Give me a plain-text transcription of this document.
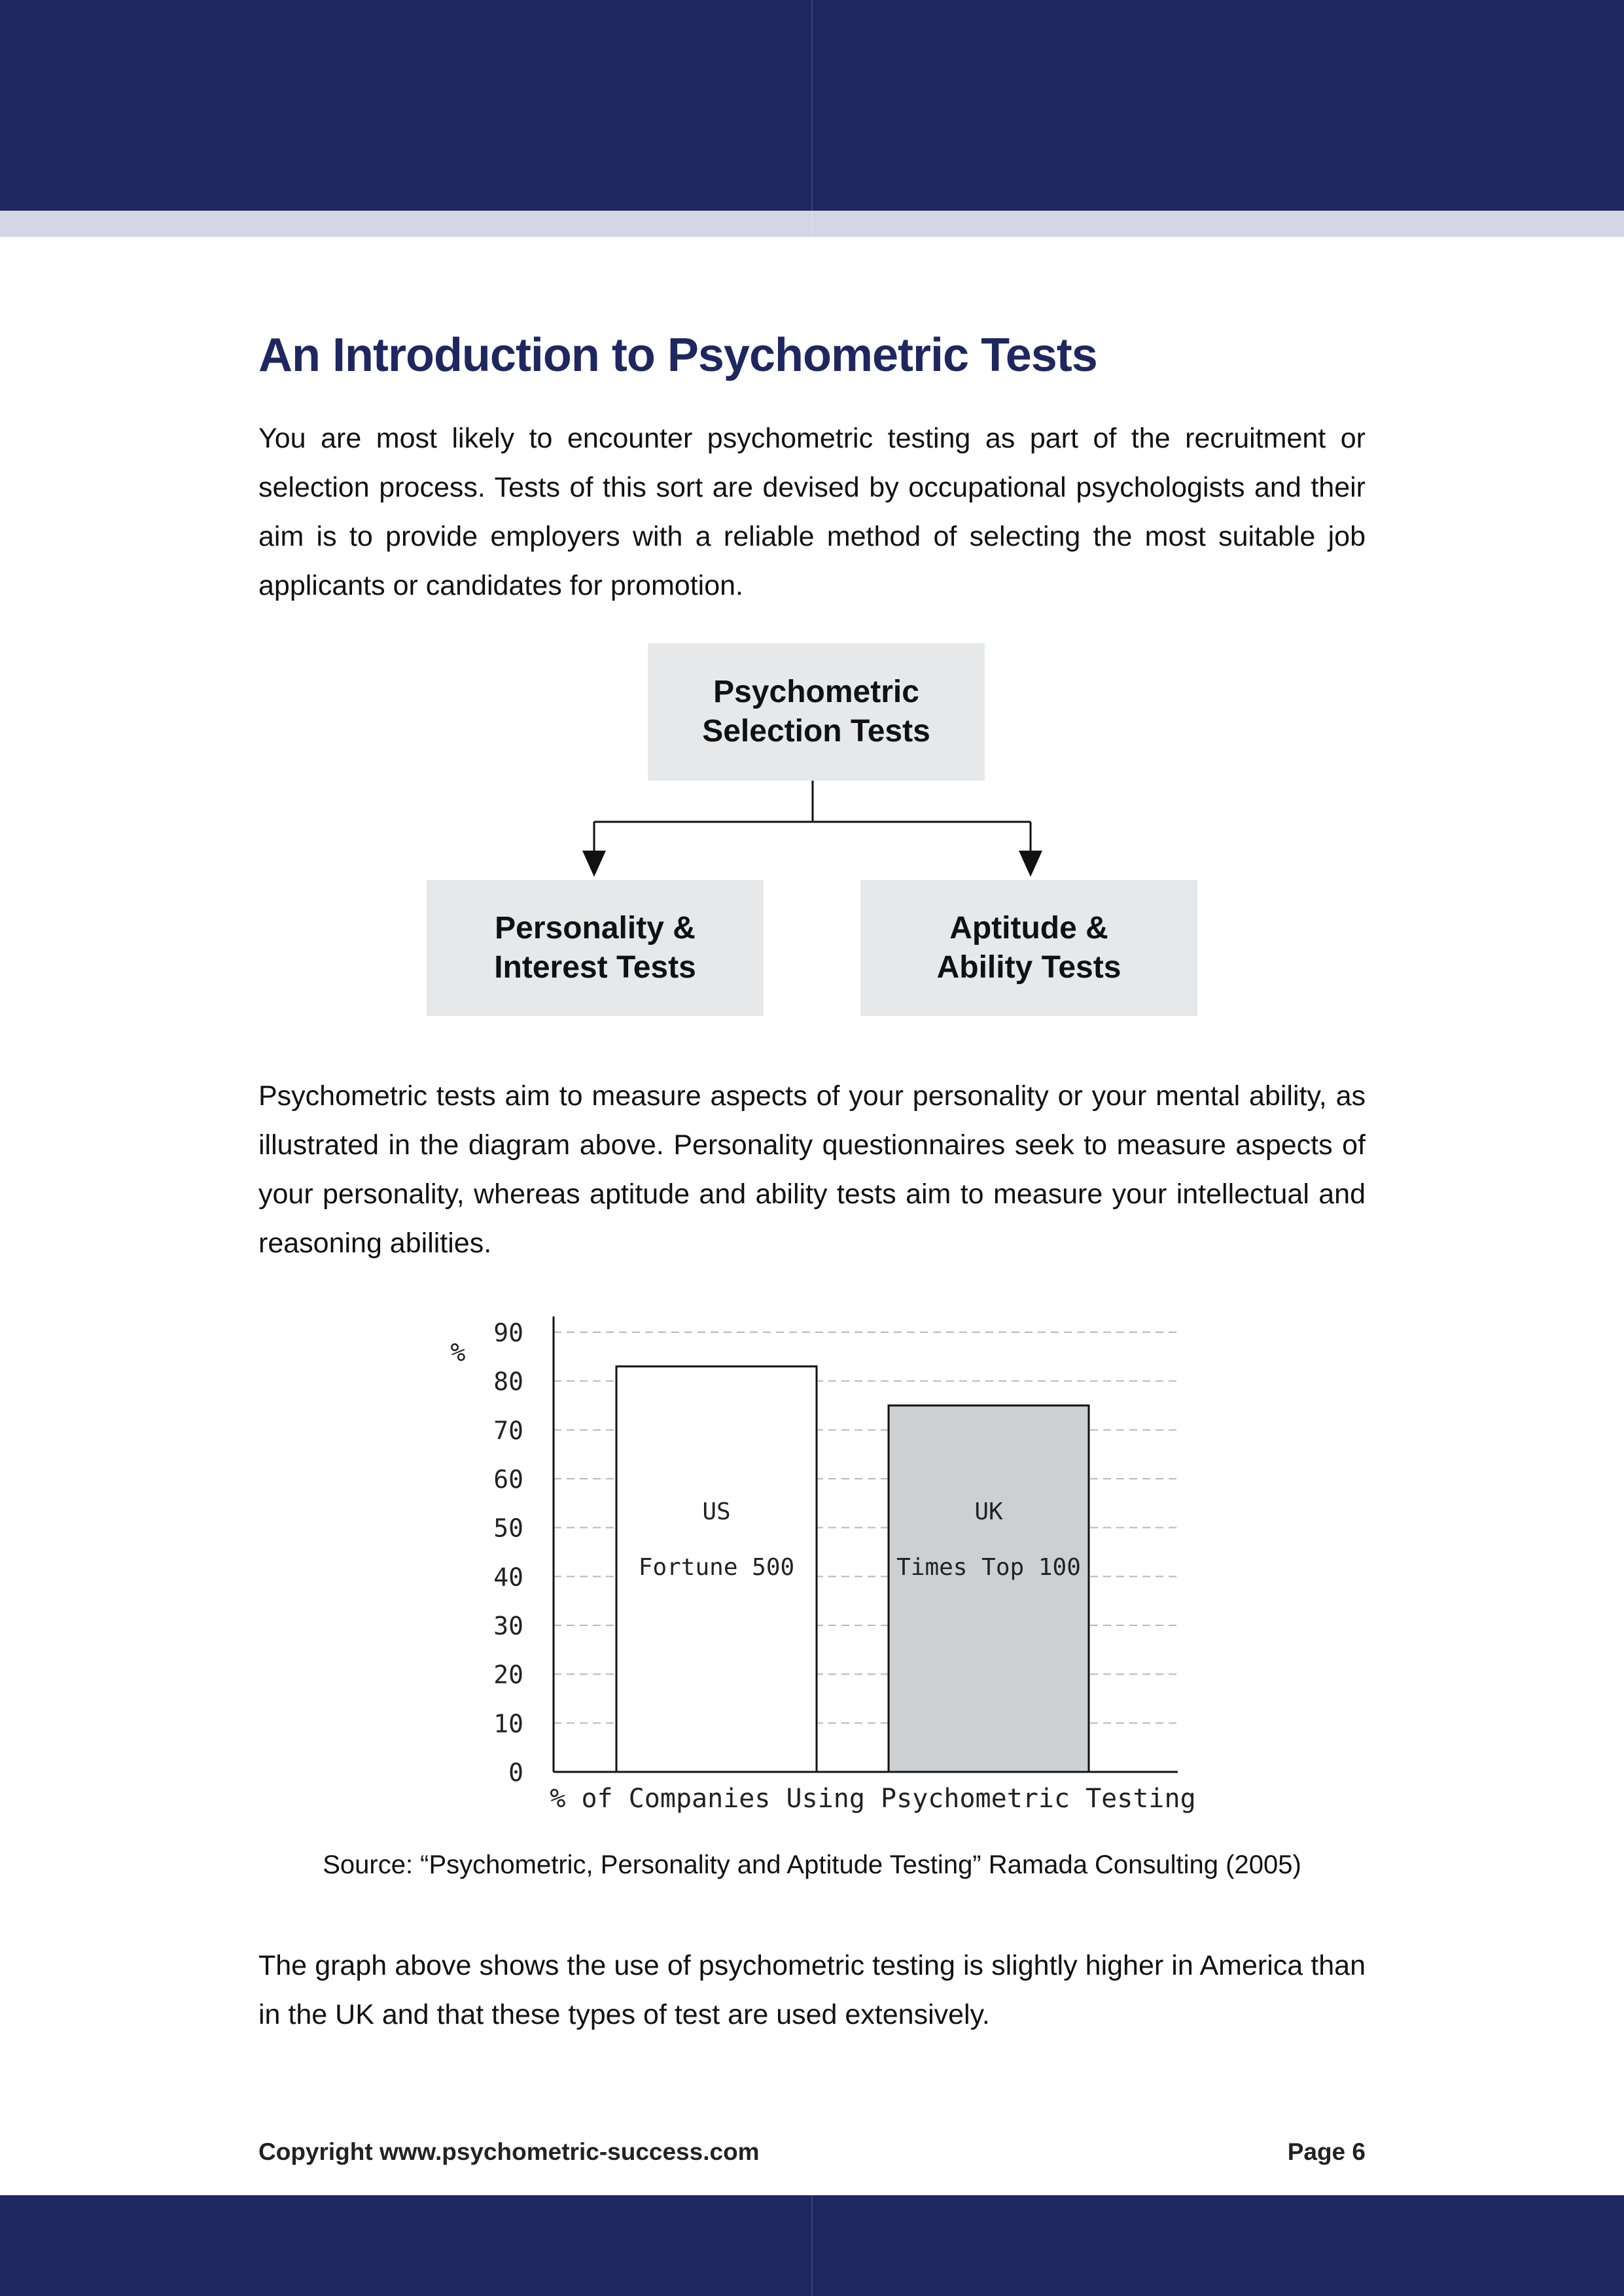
An Introduction to Psychometric Tests

You are most likely to encounter psychometric testing as part of the recruitment or selection process. Tests of this sort are devised by occupational psychologists and their aim is to provide employers with a reliable method of selecting the most suitable job applicants or candidates for promotion.

Psychometric
Selection Tests
Personality &
Interest Tests
Aptitude &
Ability Tests

Psychometric tests aim to measure aspects of your personality or your mental ability, as illustrated in the diagram above. Personality questionnaires seek to measure aspects of your personality, whereas aptitude and ability tests aim to measure your intellectual and reasoning abilities.

0
10
20
30
40
50
60
70
80
90
US
Fortune 500
UK
Times Top 100
%
% of Companies Using Psychometric Testing

Source: “Psychometric, Personality and Aptitude Testing” Ramada Consulting (2005)

The graph above shows the use of psychometric testing is slightly higher in America than in the UK and that these types of test are used extensively.

Copyright www.psychometric-success.com	Page 6
